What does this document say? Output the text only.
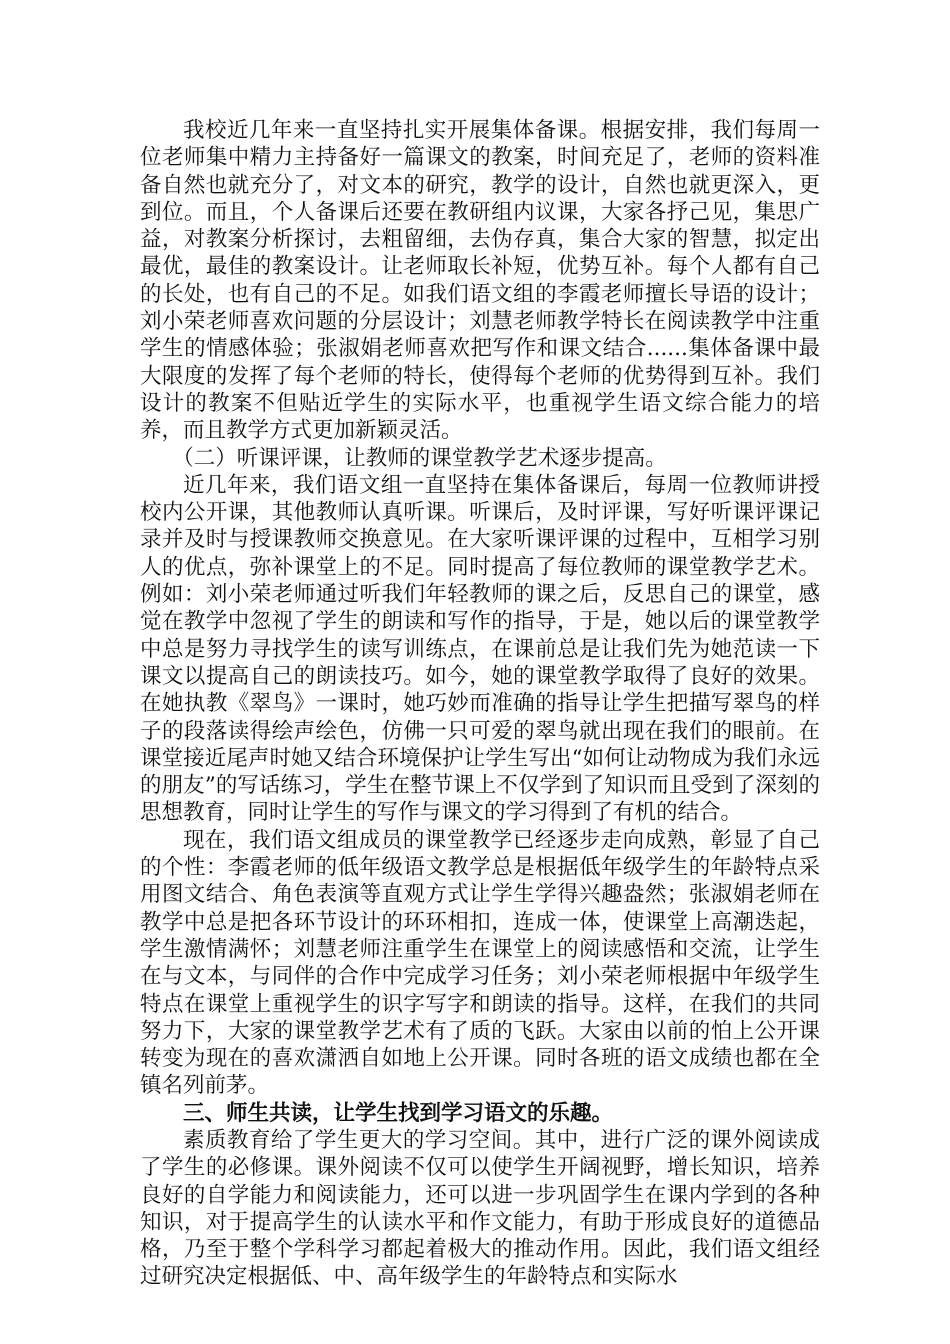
我校近几年来一直坚持扎实开展集体备课。根据安排，我们每周一位老师集中精力主持备好一篇课文的教案，时间充足了，老师的资料准备自然也就充分了，对文本的研究，教学的设计，自然也就更深入，更到位。而且，个人备课后还要在教研组内议课，大家各抒己见，集思广益，对教案分析探讨，去粗留细，去伪存真，集合大家的智慧，拟定出最优，最佳的教案设计。让老师取长补短，优势互补。每个人都有自己的长处，也有自己的不足。如我们语文组的李霞老师擅长导语的设计；刘小荣老师喜欢问题的分层设计；刘慧老师教学特长在阅读教学中注重学生的情感体验；张淑娟老师喜欢把写作和课文结合......集体备课中最大限度的发挥了每个老师的特长，使得每个老师的优势得到互补。我们设计的教案不但贴近学生的实际水平，也重视学生语文综合能力的培养，而且教学方式更加新颖灵活。

（二）听课评课，让教师的课堂教学艺术逐步提高。

近几年来，我们语文组一直坚持在集体备课后，每周一位教师讲授校内公开课，其他教师认真听课。听课后，及时评课，写好听课评课记录并及时与授课教师交换意见。在大家听课评课的过程中，互相学习别人的优点，弥补课堂上的不足。同时提高了每位教师的课堂教学艺术。例如：刘小荣老师通过听我们年轻教师的课之后，反思自己的课堂，感觉在教学中忽视了学生的朗读和写作的指导，于是，她以后的课堂教学中总是努力寻找学生的读写训练点，在课前总是让我们先为她范读一下课文以提高自己的朗读技巧。如今，她的课堂教学取得了良好的效果。在她执教《翠鸟》一课时，她巧妙而准确的指导让学生把描写翠鸟的样子的段落读得绘声绘色，仿佛一只可爱的翠鸟就出现在我们的眼前。在课堂接近尾声时她又结合环境保护让学生写出“如何让动物成为我们永远的朋友”的写话练习，学生在整节课上不仅学到了知识而且受到了深刻的思想教育，同时让学生的写作与课文的学习得到了有机的结合。

现在，我们语文组成员的课堂教学已经逐步走向成熟，彰显了自己的个性：李霞老师的低年级语文教学总是根据低年级学生的年龄特点采用图文结合、角色表演等直观方式让学生学得兴趣盎然；张淑娟老师在教学中总是把各环节设计的环环相扣，连成一体，使课堂上高潮迭起，学生激情满怀；刘慧老师注重学生在课堂上的阅读感悟和交流，让学生在与文本，与同伴的合作中完成学习任务；刘小荣老师根据中年级学生特点在课堂上重视学生的识字写字和朗读的指导。这样，在我们的共同努力下，大家的课堂教学艺术有了质的飞跃。大家由以前的怕上公开课转变为现在的喜欢潇洒自如地上公开课。同时各班的语文成绩也都在全镇名列前茅。

三、师生共读，让学生找到学习语文的乐趣。

素质教育给了学生更大的学习空间。其中，进行广泛的课外阅读成了学生的必修课。课外阅读不仅可以使学生开阔视野，增长知识，培养良好的自学能力和阅读能力，还可以进一步巩固学生在课内学到的各种知识，对于提高学生的认读水平和作文能力，有助于形成良好的道德品格，乃至于整个学科学习都起着极大的推动作用。因此，我们语文组经过研究决定根据低、中、高年级学生的年龄特点和实际水
